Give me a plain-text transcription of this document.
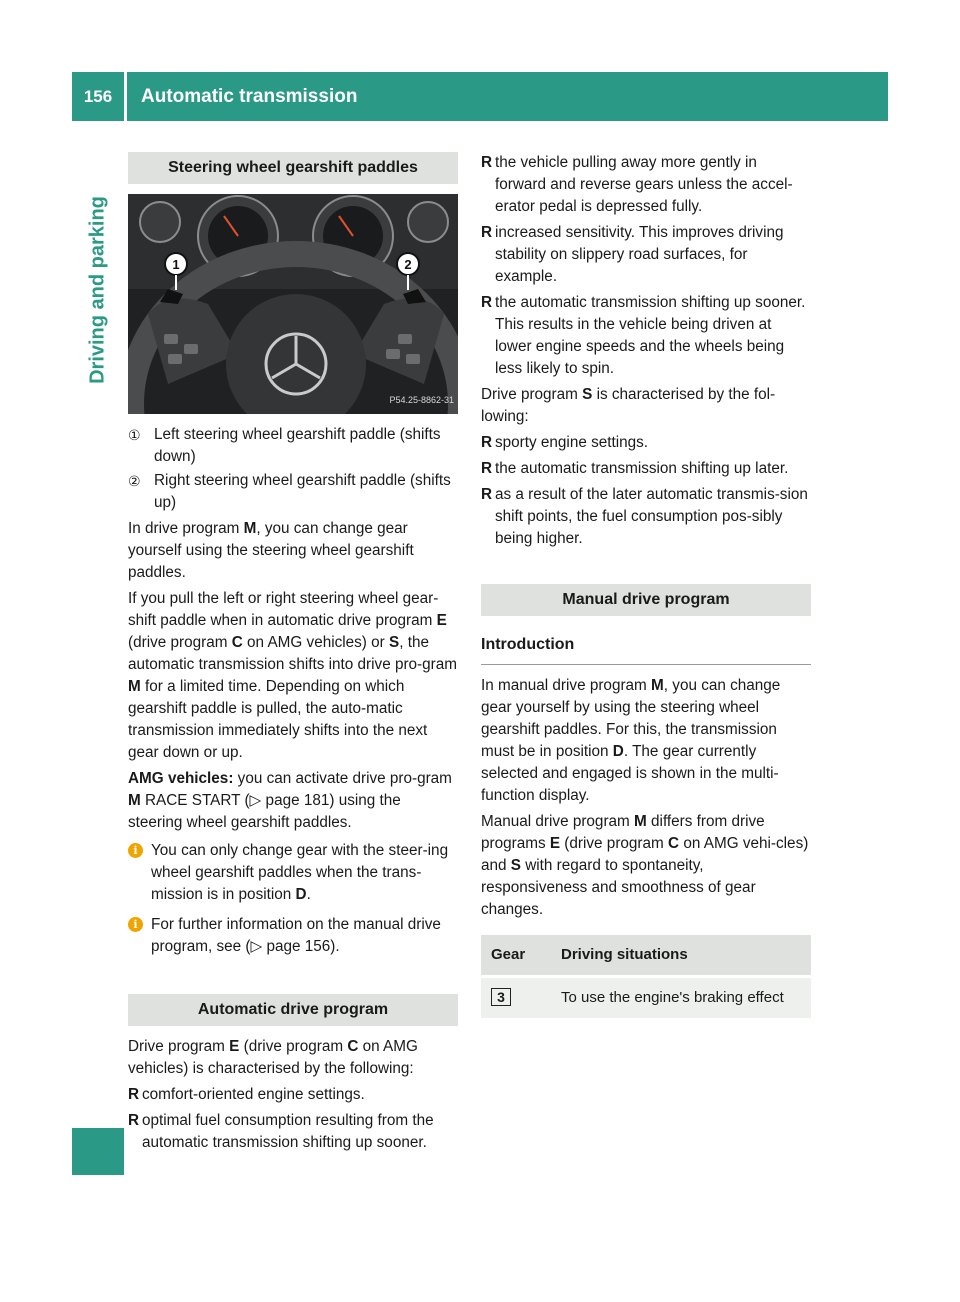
156	Automatic transmission
Driving and parking
Steering wheel gearshift paddles
1	2
P54.25-8862-31
① Left steering wheel gearshift paddle (shifts down)
② Right steering wheel gearshift paddle (shifts up)

In drive program M, you can change gear yourself using the steering wheel gearshift paddles.

If you pull the left or right steering wheel gear-shift paddle when in automatic drive program E (drive program C on AMG vehicles) or S, the automatic transmission shifts into drive pro-gram M for a limited time. Depending on which gearshift paddle is pulled, the auto-matic transmission immediately shifts into the next gear down or up.

AMG vehicles: you can activate drive pro-gram M RACE START (▷ page 181) using the steering wheel gearshift paddles.

i You can only change gear with the steer-ing wheel gearshift paddles when the trans-mission is in position D.
i For further information on the manual drive program, see (▷ page 156).
Automatic drive program

Drive program E (drive program C on AMG vehicles) is characterised by the following:

R comfort-oriented engine settings.
R optimal fuel consumption resulting from the automatic transmission shifting up sooner.
R the vehicle pulling away more gently in forward and reverse gears unless the accel-erator pedal is depressed fully.
R increased sensitivity. This improves driving stability on slippery road surfaces, for example.
R the automatic transmission shifting up sooner. This results in the vehicle being driven at lower engine speeds and the wheels being less likely to spin.

Drive program S is characterised by the fol-lowing:

R sporty engine settings.
R the automatic transmission shifting up later.
R as a result of the later automatic transmis-sion shift points, the fuel consumption pos-sibly being higher.
Manual drive program
Introduction

In manual drive program M, you can change gear yourself by using the steering wheel gearshift paddles. For this, the transmission must be in position D. The gear currently selected and engaged is shown in the multi-function display.

Manual drive program M differs from drive programs E (drive program C on AMG vehi-cles) and S with regard to spontaneity, responsiveness and smoothness of gear changes.

Gear	Driving situations
3	To use the engine's braking effect
